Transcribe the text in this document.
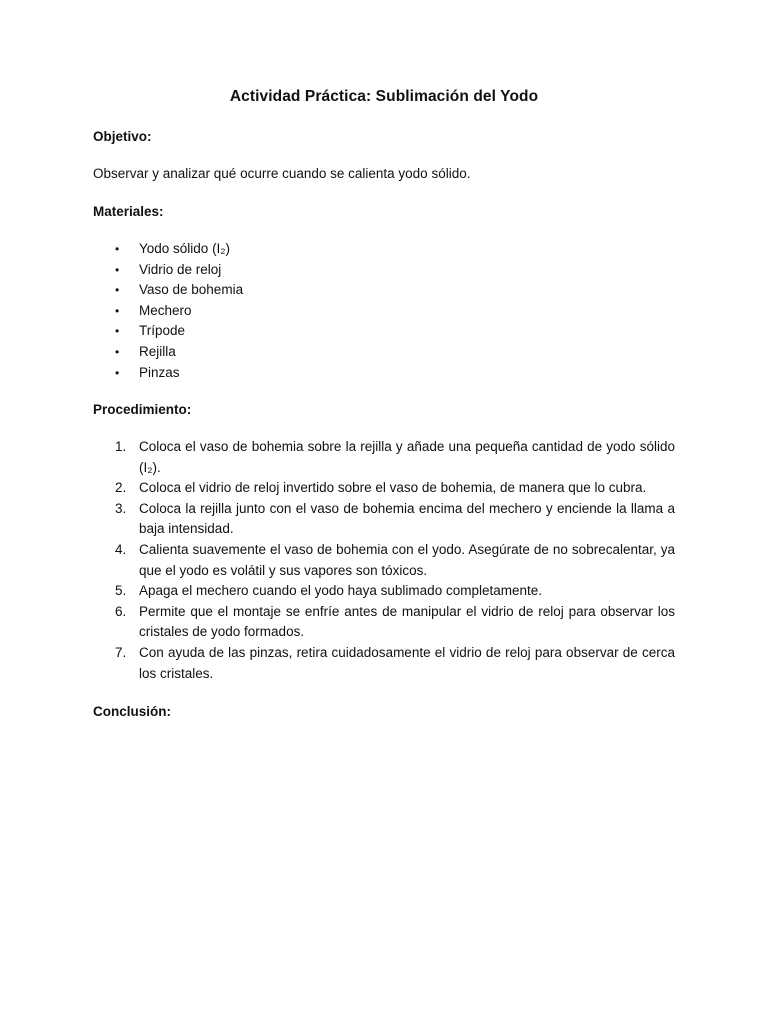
Actividad Práctica: Sublimación del Yodo
Objetivo:
Observar y analizar qué ocurre cuando se calienta yodo sólido.
Materiales:
• Yodo sólido (I₂)
• Vidrio de reloj
• Vaso de bohemia
• Mechero
• Trípode
• Rejilla
• Pinzas
Procedimiento:
1. Coloca el vaso de bohemia sobre la rejilla y añade una pequeña cantidad de yodo sólido (I₂).
2. Coloca el vidrio de reloj invertido sobre el vaso de bohemia, de manera que lo cubra.
3. Coloca la rejilla junto con el vaso de bohemia encima del mechero y enciende la llama a baja intensidad.
4. Calienta suavemente el vaso de bohemia con el yodo. Asegúrate de no sobrecalentar, ya que el yodo es volátil y sus vapores son tóxicos.
5. Apaga el mechero cuando el yodo haya sublimado completamente.
6. Permite que el montaje se enfríe antes de manipular el vidrio de reloj para observar los cristales de yodo formados.
7. Con ayuda de las pinzas, retira cuidadosamente el vidrio de reloj para observar de cerca los cristales.
Conclusión:
